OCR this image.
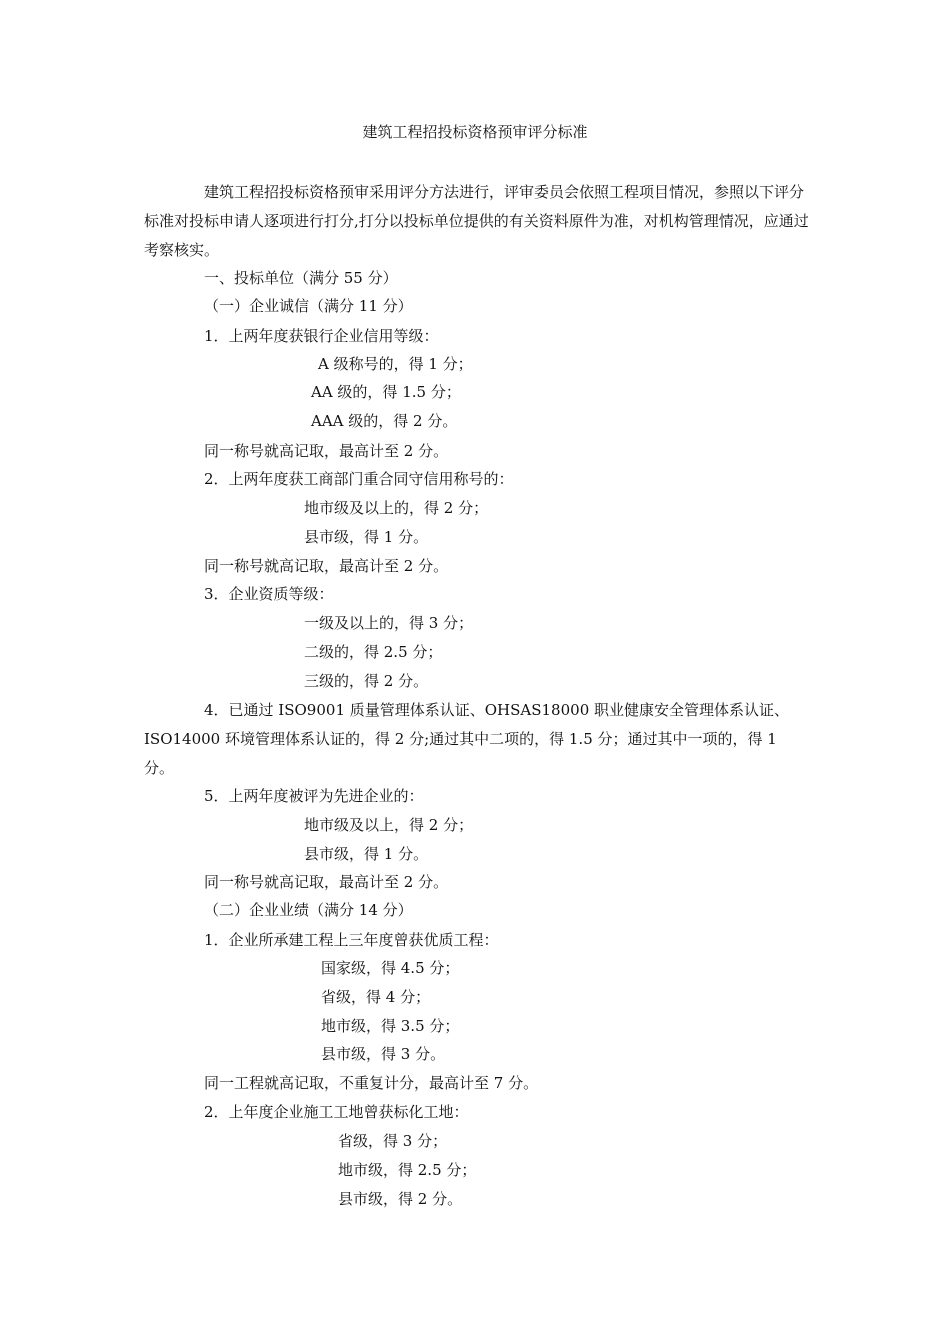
建筑工程招投标资格预审评分标准
建筑工程招投标资格预审采用评分方法进行，评审委员会依照工程项目情况，参照以下评分标准对投标申请人逐项进行打分,打分以投标单位提供的有关资料原件为准，对机构管理情况，应通过考察核实。
一、投标单位（满分 55 分）
（一）企业诚信（满分 11 分）
1．上两年度获银行企业信用等级：
A 级称号的，得 1 分；
AA 级的，得 1.5 分；
AAA 级的，得 2 分。
同一称号就高记取，最高计至 2 分。
2．上两年度获工商部门重合同守信用称号的：
地市级及以上的，得 2 分；
县市级，得 1 分。
同一称号就高记取，最高计至 2 分。
3．企业资质等级：
一级及以上的，得 3 分；
二级的，得 2.5 分；
三级的，得 2 分。
4．已通过 ISO9001 质量管理体系认证、OHSAS18000 职业健康安全管理体系认证、ISO14000 环境管理体系认证的，得 2 分;通过其中二项的，得 1.5 分；通过其中一项的，得 1 分。
5．上两年度被评为先进企业的：
地市级及以上，得 2 分；
县市级，得 1 分。
同一称号就高记取，最高计至 2 分。
（二）企业业绩（满分 14 分）
1．企业所承建工程上三年度曾获优质工程：
国家级，得 4.5 分；
省级，得 4 分；
地市级，得 3.5 分；
县市级，得 3 分。
同一工程就高记取，不重复计分，最高计至 7 分。
2．上年度企业施工工地曾获标化工地：
省级，得 3 分；
地市级，得 2.5 分；
县市级，得 2 分。
